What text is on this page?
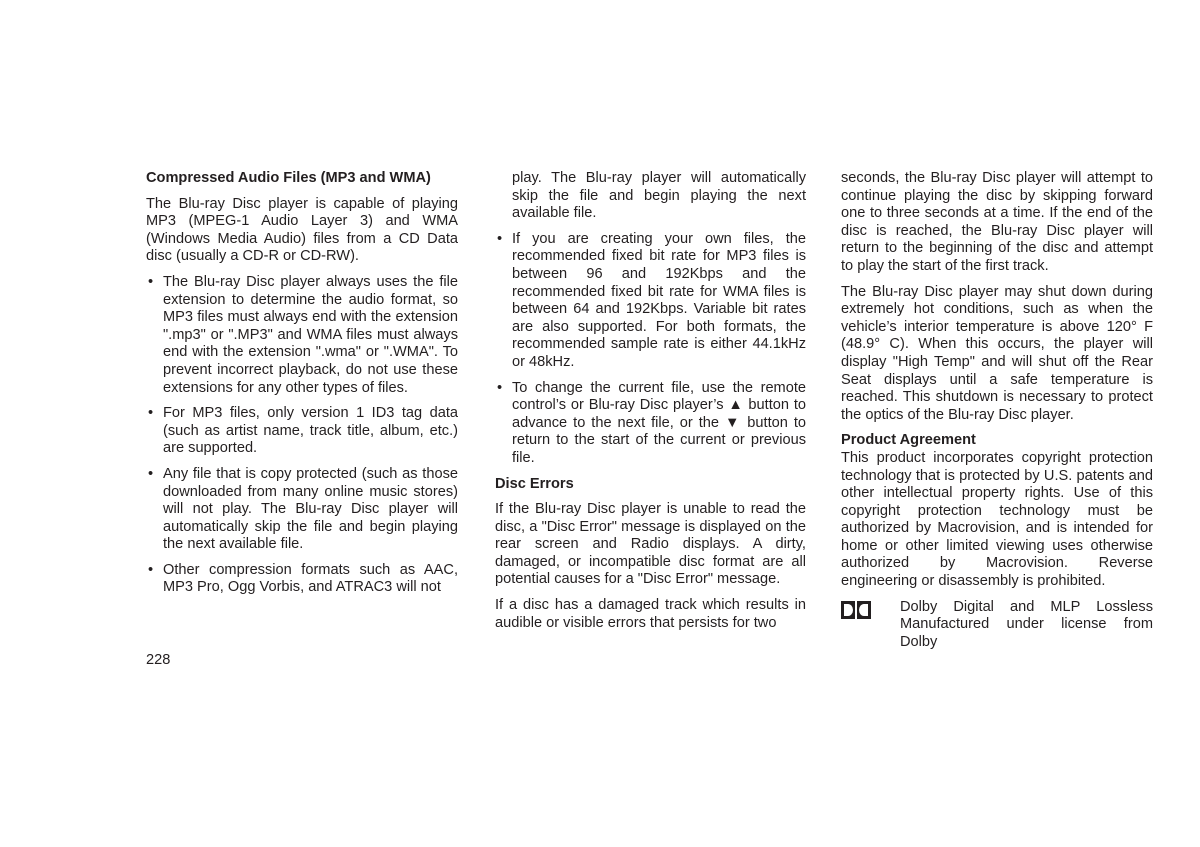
Compressed Audio Files (MP3 and WMA)

The Blu-ray Disc player is capable of playing MP3 (MPEG-1 Audio Layer 3) and WMA (Windows Media Audio) files from a CD Data disc (usually a CD-R or CD-RW).

• The Blu-ray Disc player always uses the file extension to determine the audio format, so MP3 files must always end with the extension ".mp3" or ".MP3" and WMA files must always end with the extension ".wma" or ".WMA". To prevent incorrect playback, do not use these extensions for any other types of files.
• For MP3 files, only version 1 ID3 tag data (such as artist name, track title, album, etc.) are supported.
• Any file that is copy protected (such as those downloaded from many online music stores) will not play. The Blu-ray Disc player will automatically skip the file and begin playing the next available file.
• Other compression formats such as AAC, MP3 Pro, Ogg Vorbis, and ATRAC3 will not

play. The Blu-ray player will automatically skip the file and begin playing the next available file.

• If you are creating your own files, the recommended fixed bit rate for MP3 files is between 96 and 192Kbps and the recommended fixed bit rate for WMA files is between 64 and 192Kbps. Variable bit rates are also supported. For both formats, the recommended sample rate is either 44.1kHz or 48kHz.
• To change the current file, use the remote control’s or Blu-ray Disc player’s ▲ button to advance to the next file, or the ▼ button to return to the start of the current or previous file.
Disc Errors

If the Blu-ray Disc player is unable to read the disc, a "Disc Error" message is displayed on the rear screen and Radio displays. A dirty, damaged, or incompatible disc format are all potential causes for a "Disc Error" message.

If a disc has a damaged track which results in audible or visible errors that persists for two

seconds, the Blu-ray Disc player will attempt to continue playing the disc by skipping forward one to three seconds at a time. If the end of the disc is reached, the Blu-ray Disc player will return to the beginning of the disc and attempt to play the start of the first track.

The Blu-ray Disc player may shut down during extremely hot conditions, such as when the vehicle’s interior temperature is above 120° F (48.9° C). When this occurs, the player will display "High Temp" and will shut off the Rear Seat displays until a safe temperature is reached. This shutdown is necessary to protect the optics of the Blu-ray Disc player.

Product Agreement

This product incorporates copyright protection technology that is protected by U.S. patents and other intellectual property rights. Use of this copyright protection technology must be authorized by Macrovision, and is intended for home or other limited viewing uses otherwise authorized by Macrovision. Reverse engineering or disassembly is prohibited.

Dolby Digital and MLP Lossless Manufactured under license from Dolby

228
